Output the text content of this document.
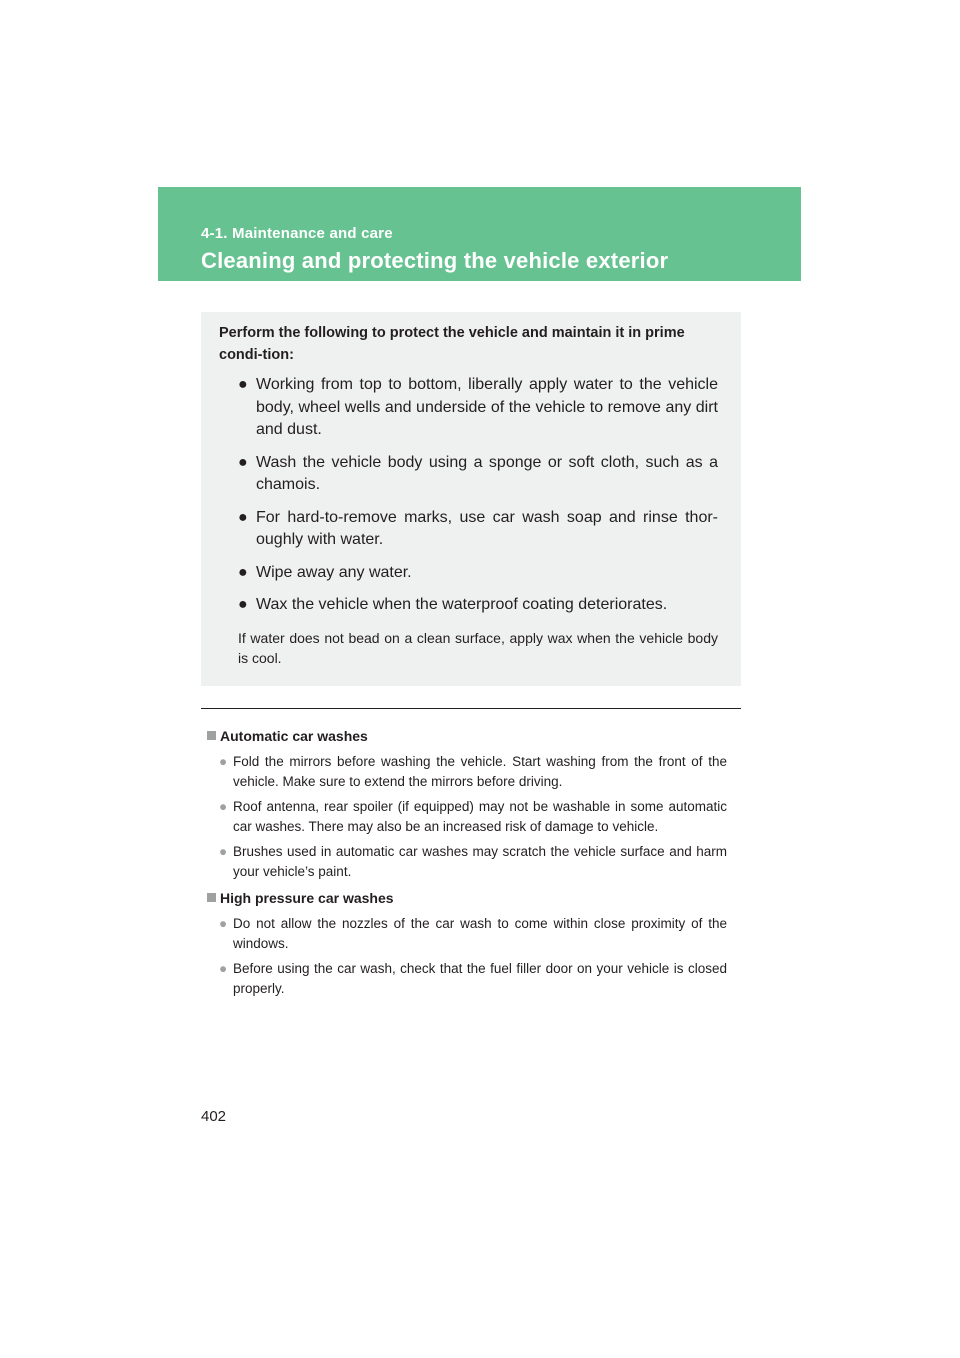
4-1. Maintenance and care
Cleaning and protecting the vehicle exterior
Perform the following to protect the vehicle and maintain it in prime condi-tion:
● Working from top to bottom, liberally apply water to the vehicle body, wheel wells and underside of the vehicle to remove any dirt and dust.
● Wash the vehicle body using a sponge or soft cloth, such as a chamois.
● For hard-to-remove marks, use car wash soap and rinse thor-oughly with water.
● Wipe away any water.
● Wax the vehicle when the waterproof coating deteriorates.
If water does not bead on a clean surface, apply wax when the vehicle body is cool.
Automatic car washes
● Fold the mirrors before washing the vehicle. Start washing from the front of the vehicle. Make sure to extend the mirrors before driving.
● Roof antenna, rear spoiler (if equipped) may not be washable in some automatic car washes. There may also be an increased risk of damage to vehicle.
● Brushes used in automatic car washes may scratch the vehicle surface and harm your vehicle’s paint.
High pressure car washes
● Do not allow the nozzles of the car wash to come within close proximity of the windows.
● Before using the car wash, check that the fuel filler door on your vehicle is closed properly.
402
